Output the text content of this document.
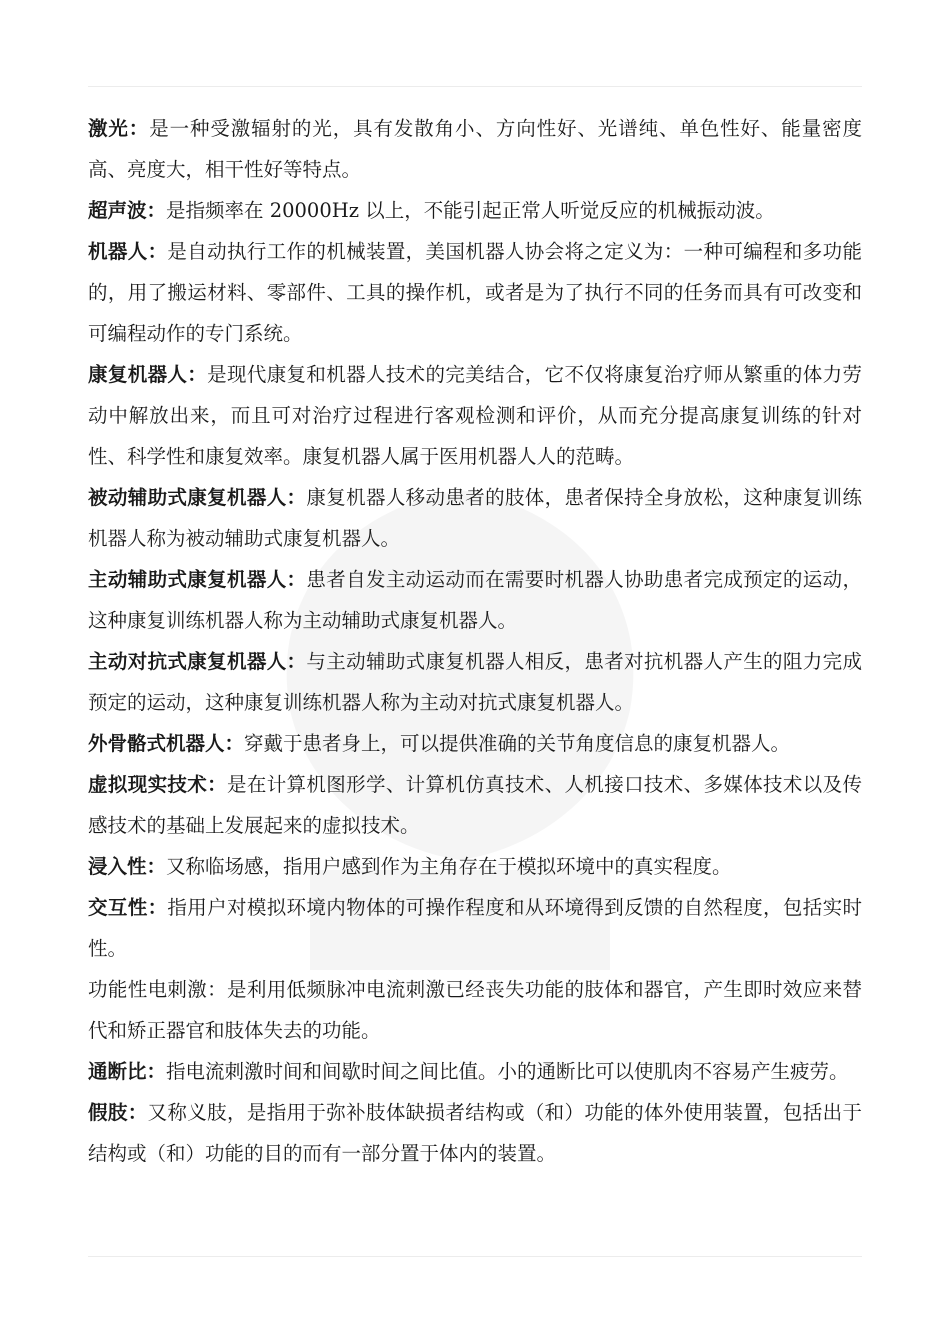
激光：是一种受激辐射的光，具有发散角小、方向性好、光谱纯、单色性好、能量密度高、亮度大，相干性好等特点。

超声波：是指频率在 20000Hz 以上，不能引起正常人听觉反应的机械振动波。

机器人：是自动执行工作的机械装置，美国机器人协会将之定义为：一种可编程和多功能的，用了搬运材料、零部件、工具的操作机，或者是为了执行不同的任务而具有可改变和可编程动作的专门系统。

康复机器人：是现代康复和机器人技术的完美结合，它不仅将康复治疗师从繁重的体力劳动中解放出来，而且可对治疗过程进行客观检测和评价，从而充分提高康复训练的针对性、科学性和康复效率。康复机器人属于医用机器人人的范畴。

被动辅助式康复机器人：康复机器人移动患者的肢体，患者保持全身放松，这种康复训练机器人称为被动辅助式康复机器人。

主动辅助式康复机器人：患者自发主动运动而在需要时机器人协助患者完成预定的运动，这种康复训练机器人称为主动辅助式康复机器人。

主动对抗式康复机器人：与主动辅助式康复机器人相反，患者对抗机器人产生的阻力完成预定的运动，这种康复训练机器人称为主动对抗式康复机器人。

外骨骼式机器人：穿戴于患者身上，可以提供准确的关节角度信息的康复机器人。

虚拟现实技术：是在计算机图形学、计算机仿真技术、人机接口技术、多媒体技术以及传感技术的基础上发展起来的虚拟技术。

浸入性：又称临场感，指用户感到作为主角存在于模拟环境中的真实程度。

交互性：指用户对模拟环境内物体的可操作程度和从环境得到反馈的自然程度，包括实时性。

功能性电刺激：是利用低频脉冲电流刺激已经丧失功能的肢体和器官，产生即时效应来替代和矫正器官和肢体失去的功能。

通断比：指电流刺激时间和间歇时间之间比值。小的通断比可以使肌肉不容易产生疲劳。

假肢：又称义肢，是指用于弥补肢体缺损者结构或（和）功能的体外使用装置，包括出于结构或（和）功能的目的而有一部分置于体内的装置。
